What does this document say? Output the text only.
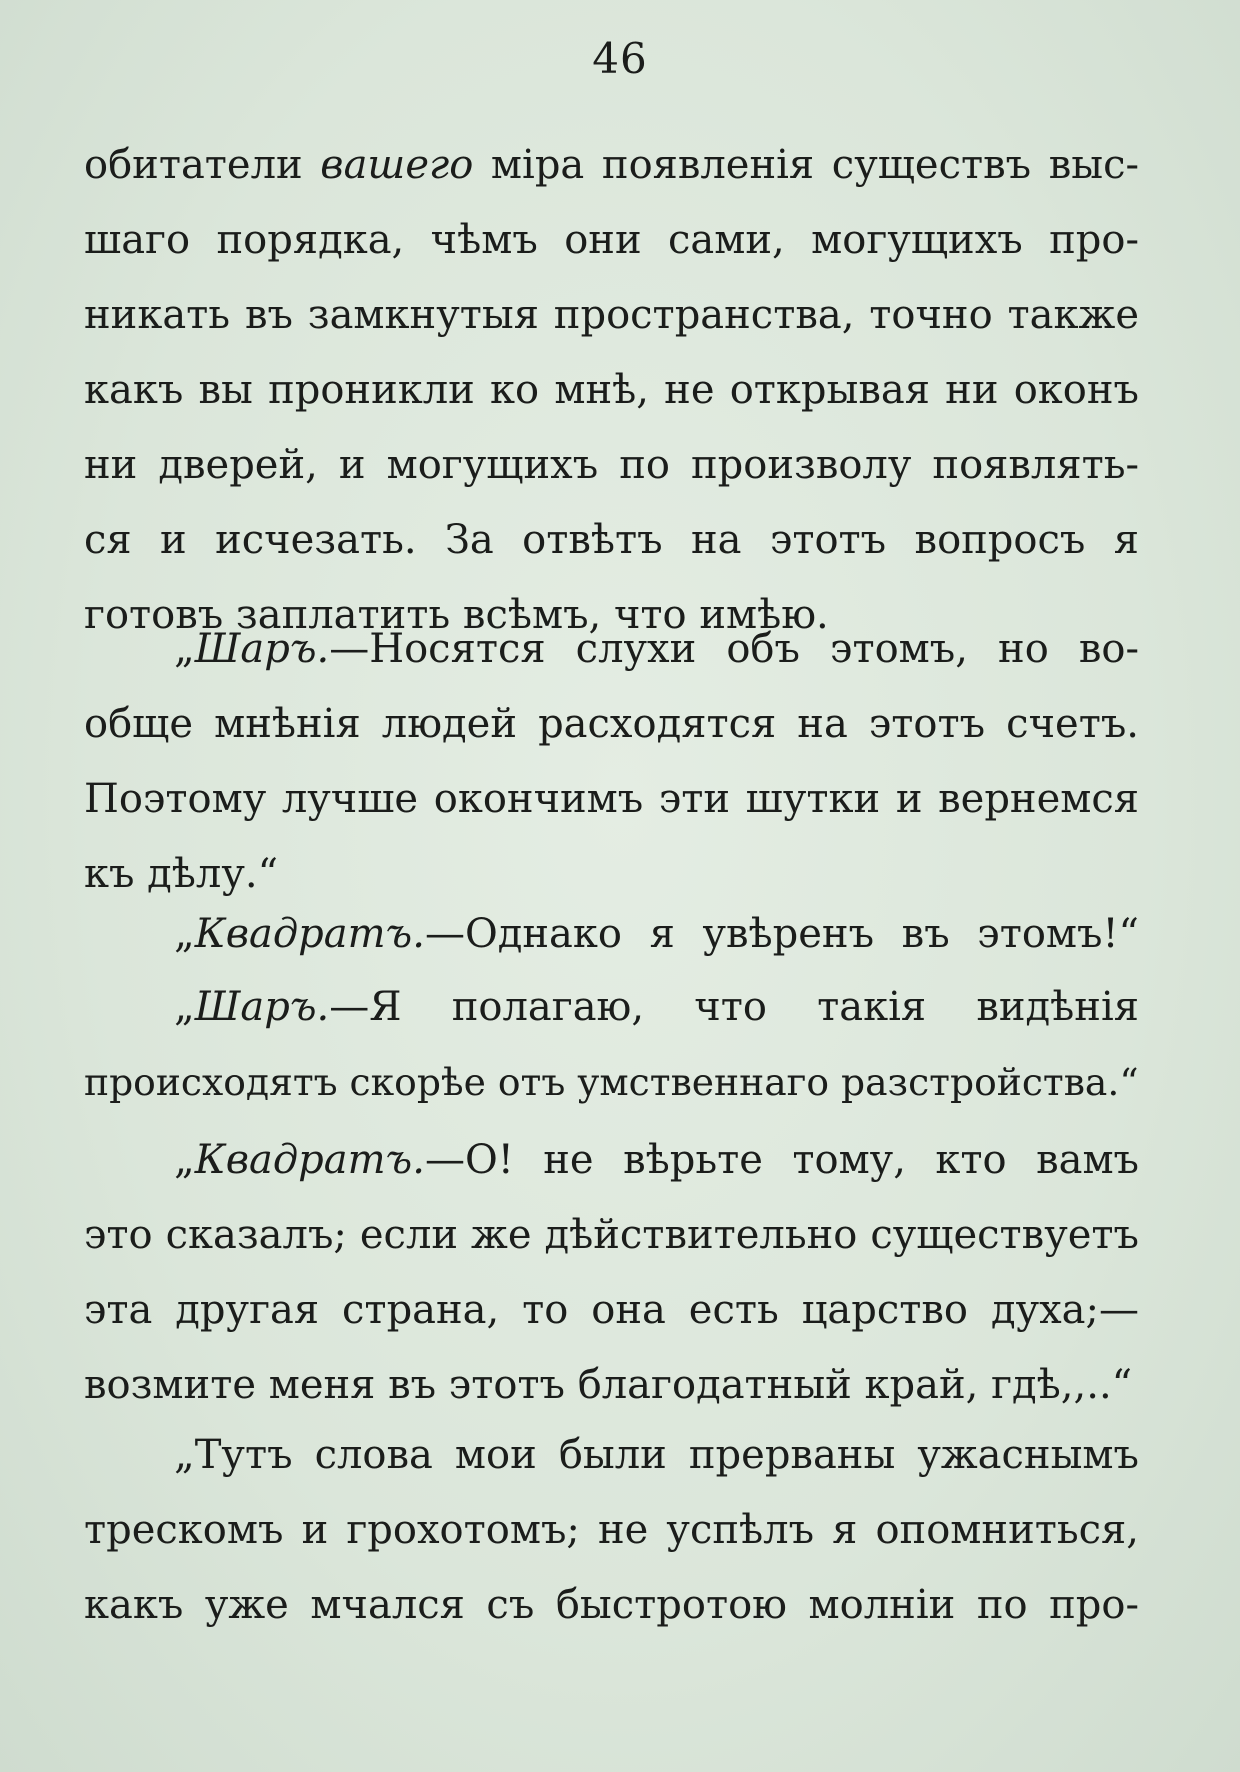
46
обитатели вашего міра появленія существъ выс-
шаго порядка, чѣмъ они сами, могущихъ про-
никать въ замкнутыя пространства, точно также
какъ вы проникли ко мнѣ, не открывая ни оконъ
ни дверей, и могущихъ по произволу появлять-
ся и исчезать. За отвѣтъ на этотъ вопросъ я
готовъ заплатить всѣмъ, что имѣю.
„Шаръ.—Носятся слухи объ этомъ, но во-
обще мнѣнія людей расходятся на этотъ счетъ.
Поэтому лучше окончимъ эти шутки и вернемся
къ дѣлу.“
„Квадратъ.—Однако я увѣренъ въ этомъ!“
„Шаръ.—Я полагаю, что такія видѣнія
происходятъ скорѣе отъ умственнаго разстройства.“
„Квадратъ.—О! не вѣрьте тому, кто вамъ
это сказалъ; если же дѣйствительно существуетъ
эта другая страна, то она есть царство духа;—
возмите меня въ этотъ благодатный край, гдѣ,,..“
„Тутъ слова мои были прерваны ужаснымъ
трескомъ и грохотомъ; не успѣлъ я опомниться,
какъ уже мчался съ быстротою молніи по про-
